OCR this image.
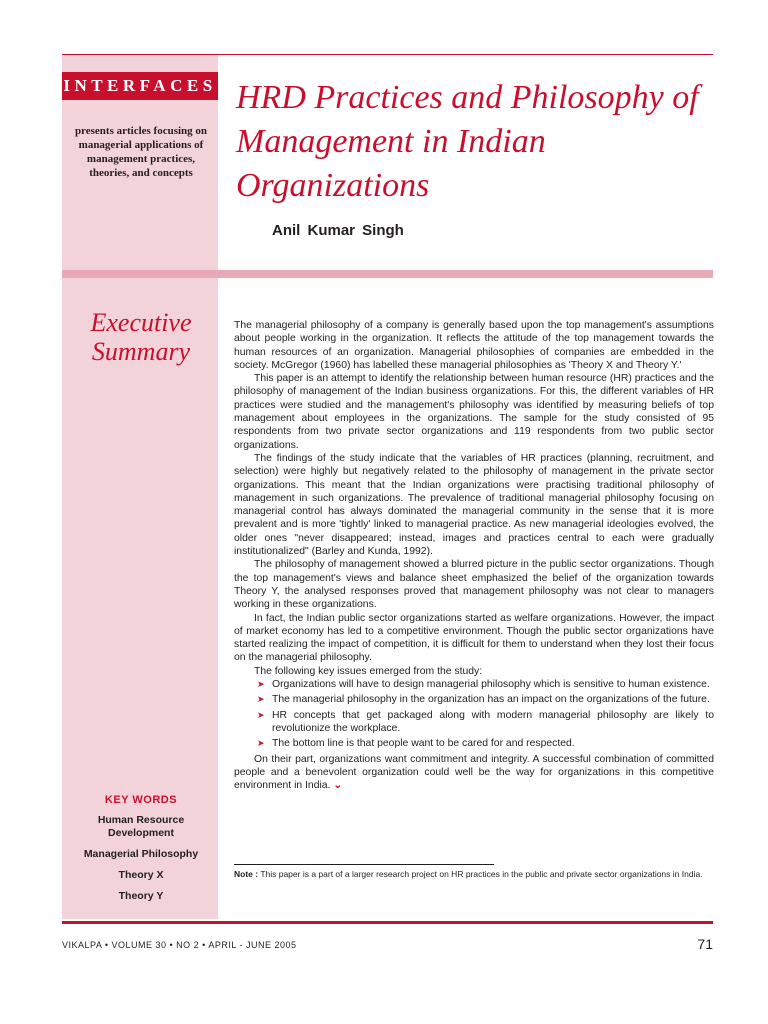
INTERFACES
presents articles focusing on managerial applications of management practices, theories, and concepts
HRD Practices and Philosophy of Management in Indian Organizations
Anil Kumar Singh
Executive
Summary
KEY WORDS
Human Resource Development
Managerial Philosophy
Theory X
Theory Y

The managerial philosophy of a company is generally based upon the top management's assumptions about people working in the organization. It reflects the attitude of the top management towards the human resources of an organization. Managerial philosophies of companies are embedded in the society. McGregor (1960) has labelled these managerial philosophies as 'Theory X and Theory Y.'

This paper is an attempt to identify the relationship between human resource (HR) practices and the philosophy of management of the Indian business organizations. For this, the different variables of HR practices were studied and the management's philosophy was identified by measuring beliefs of top management about employees in the organizations. The sample for the study consisted of 95 respondents from two private sector organizations and 119 respondents from two public sector organizations.

The findings of the study indicate that the variables of HR practices (planning, recruitment, and selection) were highly but negatively related to the philosophy of management in the private sector organizations. This meant that the Indian organizations were practising traditional philosophy of management in such organizations. The prevalence of traditional managerial philosophy focusing on managerial control has always dominated the managerial community in the sense that it is more prevalent and is more 'tightly' linked to managerial practice. As new managerial ideologies evolved, the older ones "never disappeared; instead, images and practices central to each were gradually institutionalized" (Barley and Kunda, 1992).

The philosophy of management showed a blurred picture in the public sector organizations. Though the top management's views and balance sheet emphasized the belief of the organization towards Theory Y, the analysed responses proved that management philosophy was not clear to managers working in these organizations.

In fact, the Indian public sector organizations started as welfare organizations. However, the impact of market economy has led to a competitive environment. Though the public sector organizations have started realizing the impact of competition, it is difficult for them to understand when they lost their focus on the managerial philosophy.

The following key issues emerged from the study:

➤ Organizations will have to design managerial philosophy which is sensitive to human existence.
➤ The managerial philosophy in the organization has an impact on the organizations of the future.
➤ HR concepts that get packaged along with modern managerial philosophy are likely to revolutionize the workplace.
➤ The bottom line is that people want to be cared for and respected.

On their part, organizations want commitment and integrity. A successful combination of committed people and a benevolent organization could well be the way for organizations in this competitive environment in India. ⌄

Note : This paper is a part of a larger research project on HR practices in the public and private sector organizations in India.
VIKALPA • VOLUME 30 • NO 2 • APRIL - JUNE 2005	71
